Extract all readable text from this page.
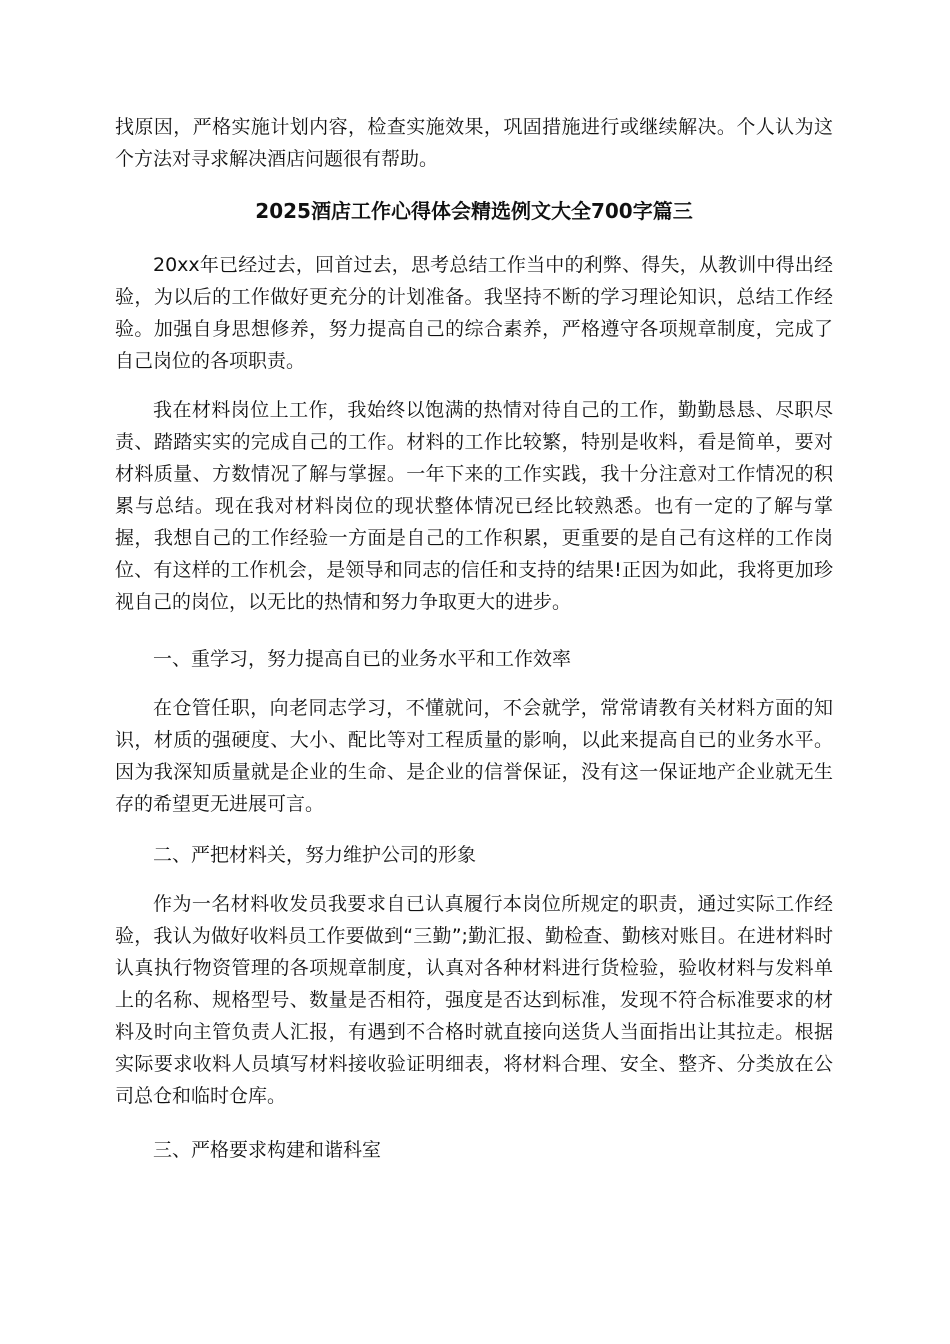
找原因，严格实施计划内容，检查实施效果，巩固措施进行或继续解决。个人认为这个方法对寻求解决酒店问题很有帮助。

2025酒店工作心得体会精选例文大全700字篇三

20xx年已经过去，回首过去，思考总结工作当中的利弊、得失，从教训中得出经验，为以后的工作做好更充分的计划准备。我坚持不断的学习理论知识，总结工作经验。加强自身思想修养，努力提高自己的综合素养，严格遵守各项规章制度，完成了自己岗位的各项职责。

我在材料岗位上工作，我始终以饱满的热情对待自己的工作，勤勤恳恳、尽职尽责、踏踏实实的完成自己的工作。材料的工作比较繁，特别是收料，看是简单，要对材料质量、方数情况了解与掌握。一年下来的工作实践，我十分注意对工作情况的积累与总结。现在我对材料岗位的现状整体情况已经比较熟悉。也有一定的了解与掌握，我想自己的工作经验一方面是自己的工作积累，更重要的是自己有这样的工作岗位、有这样的工作机会，是领导和同志的信任和支持的结果!正因为如此，我将更加珍视自己的岗位，以无比的热情和努力争取更大的进步。

一、重学习，努力提高自已的业务水平和工作效率

在仓管任职，向老同志学习，不懂就问，不会就学，常常请教有关材料方面的知识，材质的强硬度、大小、配比等对工程质量的影响，以此来提高自已的业务水平。因为我深知质量就是企业的生命、是企业的信誉保证，没有这一保证地产企业就无生存的希望更无进展可言。

二、严把材料关，努力维护公司的形象

作为一名材料收发员我要求自已认真履行本岗位所规定的职责，通过实际工作经验，我认为做好收料员工作要做到“三勤”;勤汇报、勤检查、勤核对账目。在进材料时认真执行物资管理的各项规章制度，认真对各种材料进行货检验，验收材料与发料单上的名称、规格型号、数量是否相符，强度是否达到标准，发现不符合标准要求的材料及时向主管负责人汇报，有遇到不合格时就直接向送货人当面指出让其拉走。根据实际要求收料人员填写材料接收验证明细表，将材料合理、安全、整齐、分类放在公司总仓和临时仓库。

三、严格要求构建和谐科室
